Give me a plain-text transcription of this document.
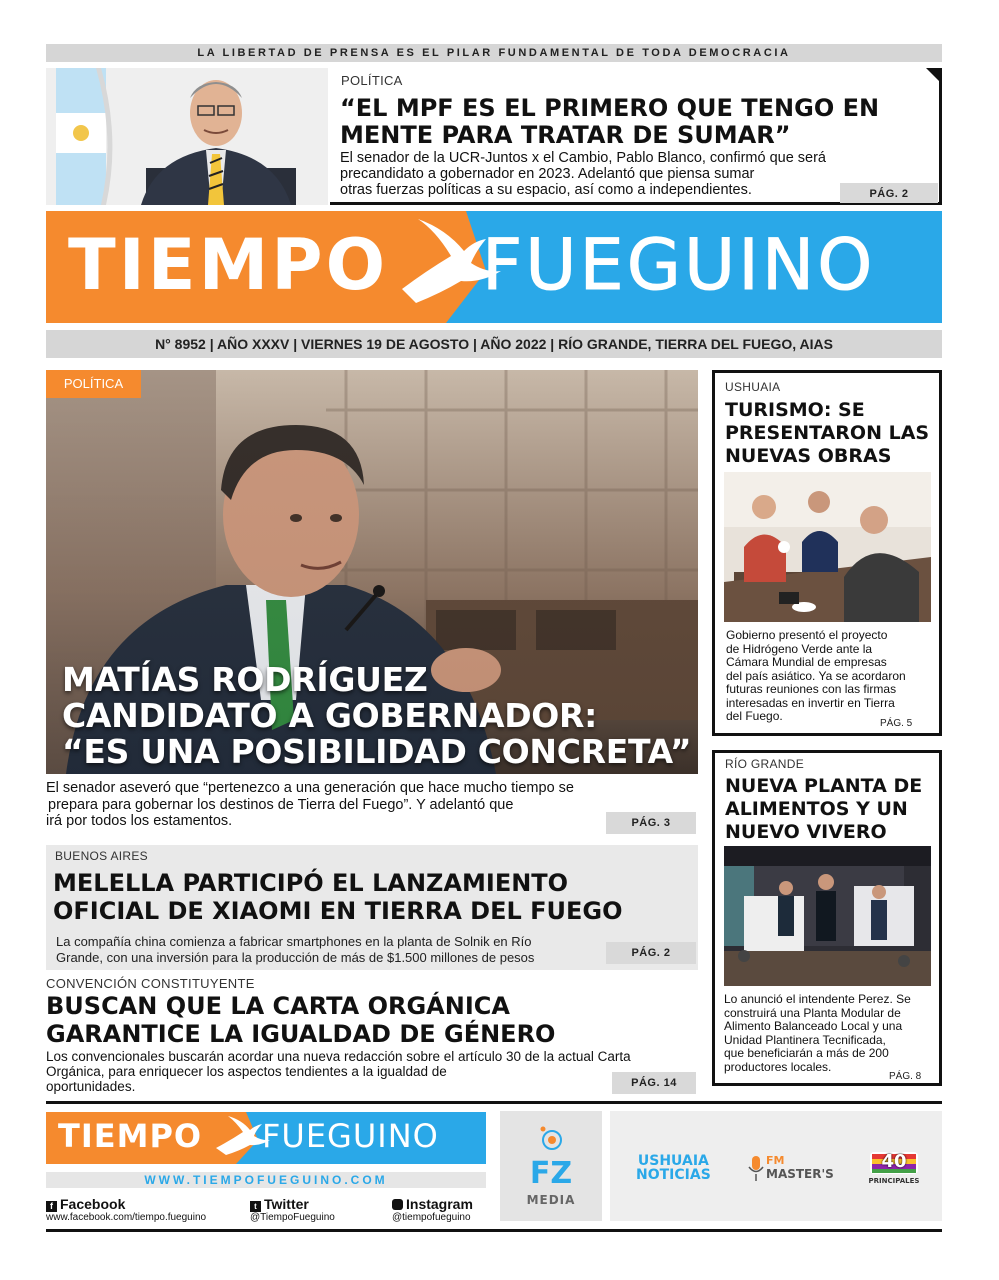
LA LIBERTAD DE PRENSA ES EL PILAR FUNDAMENTAL DE TODA DEMOCRACIA
POLÍTICA
“EL MPF ES EL PRIMERO QUE TENGO EN
MENTE PARA TRATAR DE SUMAR”
El senador de la UCR-Juntos x el Cambio, Pablo Blanco, confirmó que será
precandidato a gobernador en 2023. Adelantó que piensa sumar
otras fuerzas políticas a su espacio, así como a independientes.	PÁG. 2
TIEMPO FUEGUINO
N° 8952 | AÑO XXXV | VIERNES 19 DE AGOSTO | AÑO 2022 | RÍO GRANDE, TIERRA DEL FUEGO, AIAS
POLÍTICA
MATÍAS RODRÍGUEZ
CANDIDATO A GOBERNADOR:
“ES UNA POSIBILIDAD CONCRETA”
El senador aseveró que “pertenezco a una generación que hace mucho tiempo se
prepara para gobernar los destinos de Tierra del Fuego”. Y adelantó que
irá por todos los estamentos.	PÁG. 3
USHUAIA
TURISMO: SE
PRESENTARON LAS
NUEVAS OBRAS
Gobierno presentó el proyecto
de Hidrógeno Verde ante la
Cámara Mundial de empresas
del país asiático. Ya se acordaron
futuras reuniones con las firmas
interesadas en invertir en Tierra
del Fuego.
PÁG. 5
RÍO GRANDE
NUEVA PLANTA DE
ALIMENTOS Y UN
NUEVO VIVERO
Lo anunció el intendente Perez. Se
construirá una Planta Modular de
Alimento Balanceado Local y una
Unidad Plantinera Tecnificada,
que beneficiarán a más de 200
productores locales.
PÁG. 8
BUENOS AIRES
MELELLA PARTICIPÓ EL LANZAMIENTO
OFICIAL DE XIAOMI EN TIERRA DEL FUEGO
La compañía china comienza a fabricar smartphones en la planta de Solnik en Río
Grande, con una inversión para la producción de más de $1.500 millones de pesos	PÁG. 2
CONVENCIÓN CONSTITUYENTE
BUSCAN QUE LA CARTA ORGÁNICA
GARANTICE LA IGUALDAD DE GÉNERO
Los convencionales buscarán acordar una nueva redacción sobre el artículo 30 de la actual Carta
Orgánica, para enriquecer los aspectos tendientes a la igualdad de
oportunidades.	PÁG. 14
TIEMPO FUEGUINO
WWW.TIEMPOFUEGUINO.COM
f Facebook
www.facebook.com/tiempo.fueguino
t Twitter
@TiempoFueguino
Instagram
@tiempofueguino
FZ
MEDIA
USHUAIA
NOTICIAS
FM
MASTER'S
40
PRINCIPALES
